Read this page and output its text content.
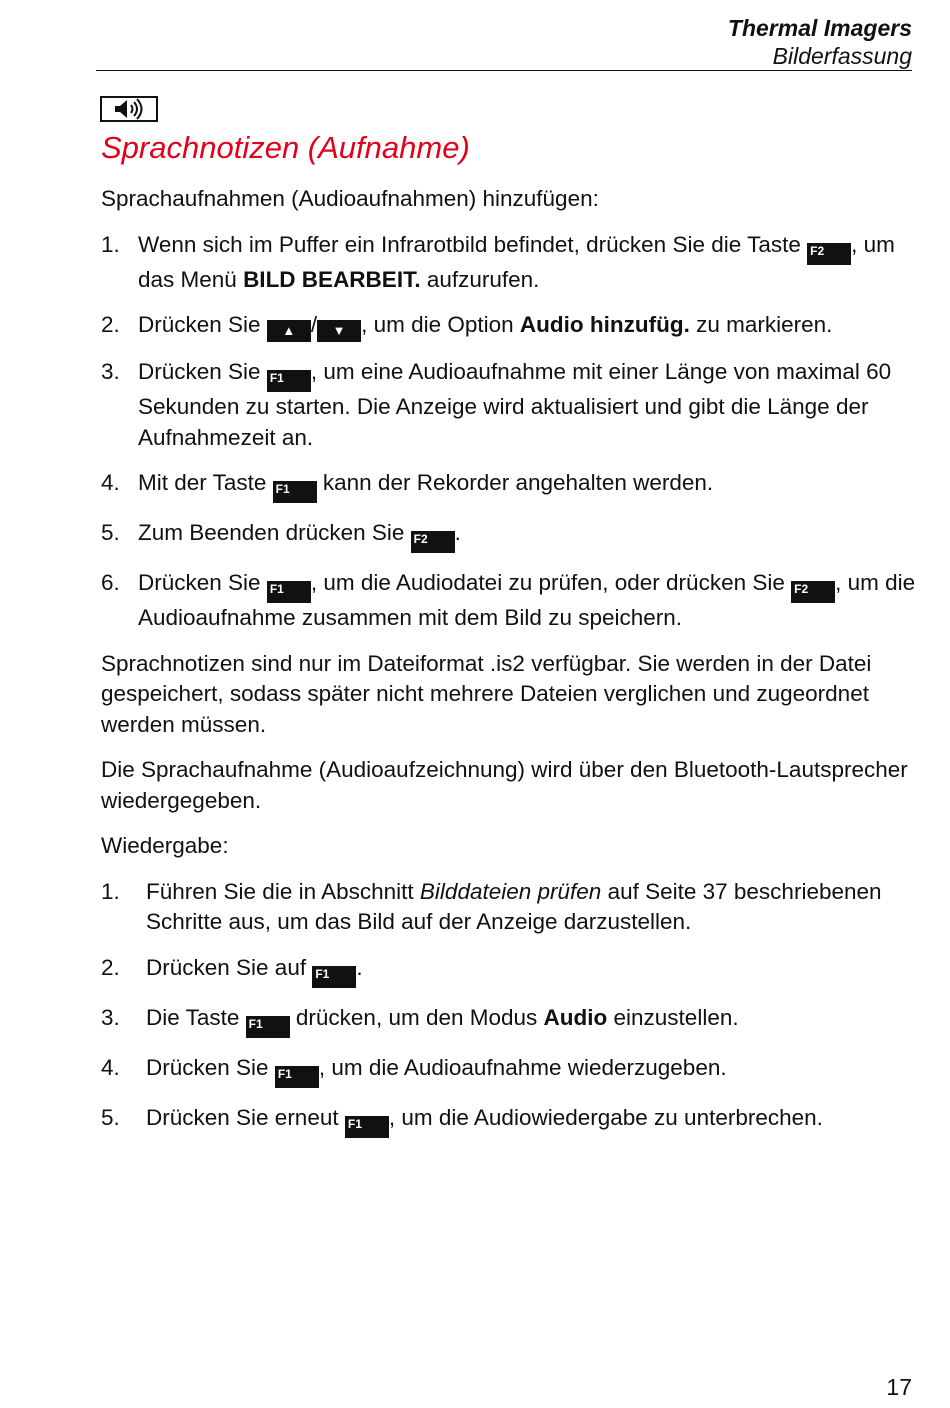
Thermal Imagers
Bilderfassung
Sprachnotizen (Aufnahme)

Sprachaufnahmen (Audioaufnahmen) hinzufügen:

1. Wenn sich im Puffer ein Infrarotbild befindet, drücken Sie die Taste F2 , um das Menü BILD BEARBEIT. aufzurufen.
2. Drücken Sie ▲ / ▼ , um die Option Audio hinzufüg. zu markieren.
3. Drücken Sie F1 , um eine Audioaufnahme mit einer Länge von maximal 60 Sekunden zu starten. Die Anzeige wird aktualisiert und gibt die Länge der Aufnahmezeit an.
4. Mit der Taste F1 kann der Rekorder angehalten werden.
5. Zum Beenden drücken Sie F2 .
6. Drücken Sie F1 , um die Audiodatei zu prüfen, oder drücken Sie F2 , um die Audioaufnahme zusammen mit dem Bild zu speichern.

Sprachnotizen sind nur im Dateiformat .is2 verfügbar. Sie werden in der Datei gespeichert, sodass später nicht mehrere Dateien verglichen und zugeordnet werden müssen.

Die Sprachaufnahme (Audioaufzeichnung) wird über den Bluetooth-Lautsprecher wiedergegeben.

Wiedergabe:

1. Führen Sie die in Abschnitt Bilddateien prüfen auf Seite 37 beschriebenen Schritte aus, um das Bild auf der Anzeige darzustellen.
2. Drücken Sie auf F1 .
3. Die Taste F1 drücken, um den Modus Audio einzustellen.
4. Drücken Sie F1 , um die Audioaufnahme wiederzugeben.
5. Drücken Sie erneut F1 , um die Audiowiedergabe zu unterbrechen.
17
